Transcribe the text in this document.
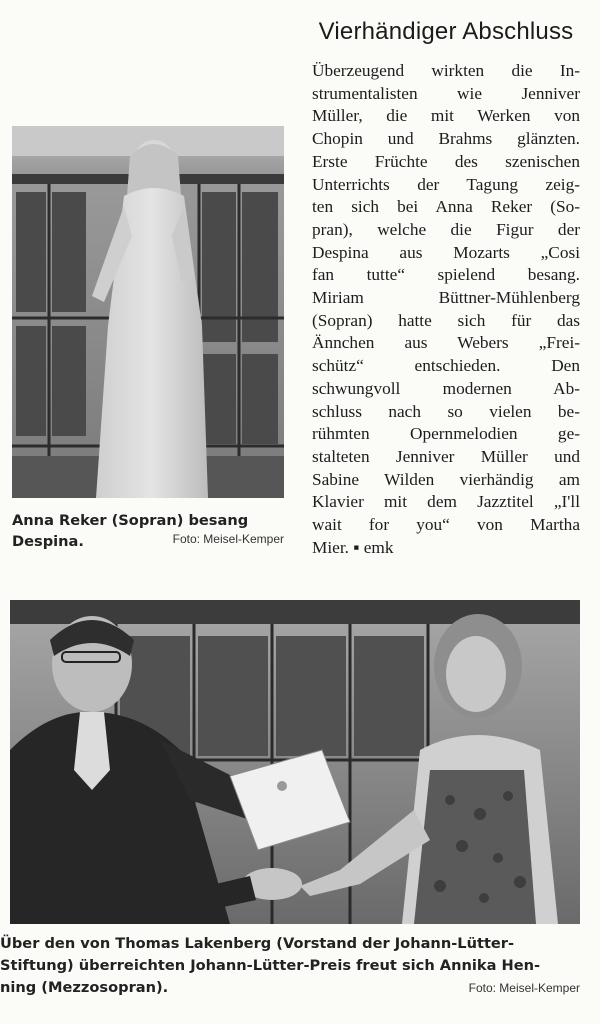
Anna Reker (Sopran) besang
Despina.	Foto: Meisel-Kemper
Vierhändiger Abschluss
Überzeugend wirkten die In-
strumentalisten wie Jenniver
Müller, die mit Werken von
Chopin und Brahms glänzten.
Erste Früchte des szenischen
Unterrichts der Tagung zeig-
ten sich bei Anna Reker (So-
pran), welche die Figur der
Despina aus Mozarts „Cosi
fan tutte“ spielend besang.
Miriam Büttner-Mühlenberg
(Sopran) hatte sich für das
Ännchen aus Webers „Frei-
schütz“ entschieden. Den
schwungvoll modernen Ab-
schluss nach so vielen be-
rühmten Opernmelodien ge-
stalteten Jenniver Müller und
Sabine Wilden vierhändig am
Klavier mit dem Jazztitel „I'll
wait for you“ von Martha
Mier. ▪ emk
Über den von Thomas Lakenberg (Vorstand der Johann-Lütter-
Stiftung) überreichten Johann-Lütter-Preis freut sich Annika Hen-
ning (Mezzosopran).	Foto: Meisel-Kemper
